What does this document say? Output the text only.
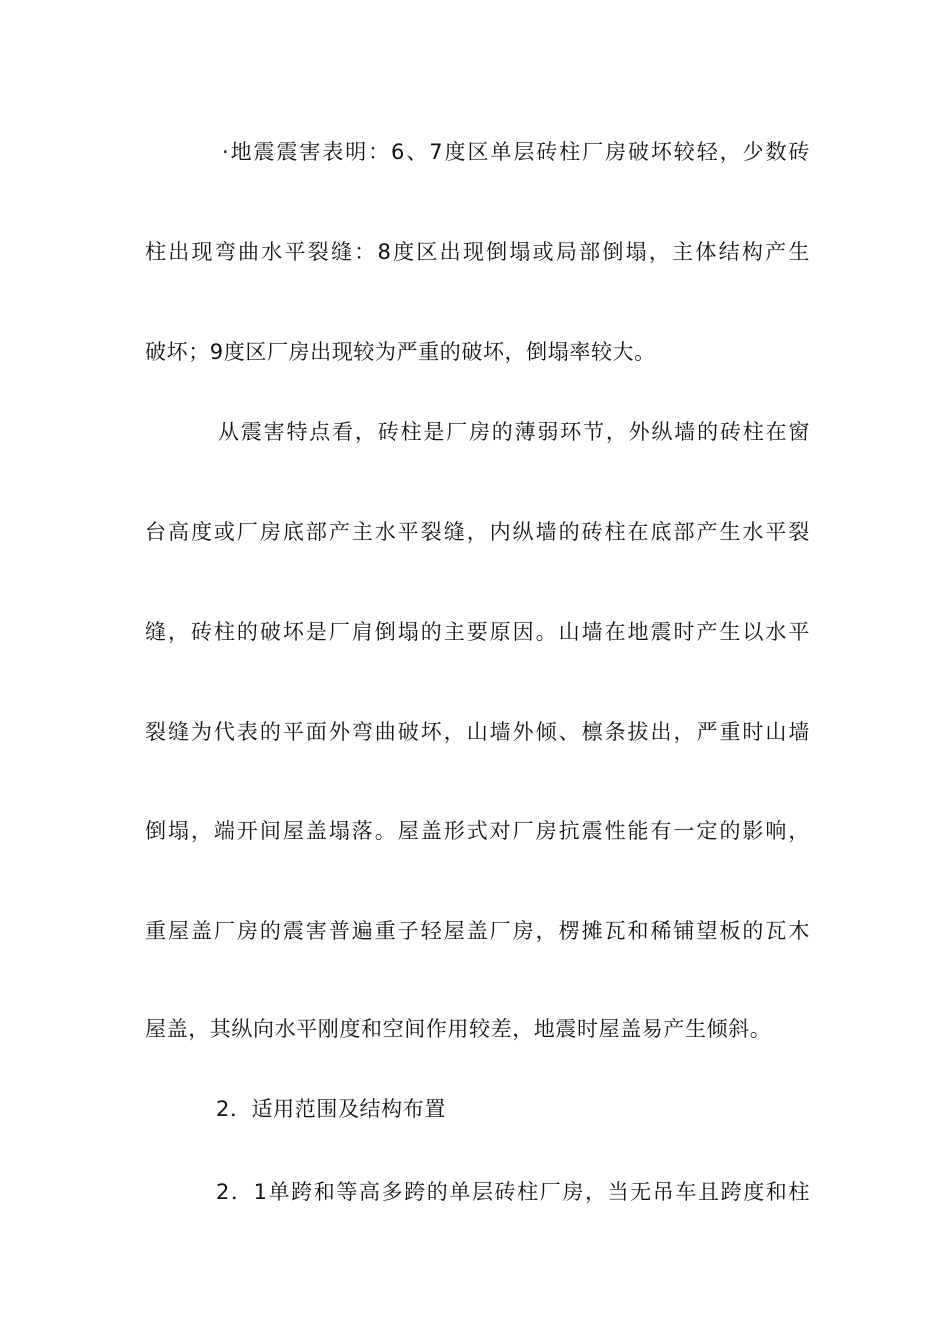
·地震震害表明：6、7度区单层砖柱厂房破坏较轻，少数砖
柱出现弯曲水平裂缝：8度区出现倒塌或局部倒塌，主体结构产生
破坏；9度区厂房出现较为严重的破坏，倒塌率较大。
从震害特点看，砖柱是厂房的薄弱环节，外纵墙的砖柱在窗
台高度或厂房底部产主水平裂缝，内纵墙的砖柱在底部产生水平裂
缝，砖柱的破坏是厂肩倒塌的主要原因。山墙在地震时产生以水平
裂缝为代表的平面外弯曲破坏，山墙外倾、檩条拔出，严重时山墙
倒塌，端开间屋盖塌落。屋盖形式对厂房抗震性能有一定的影响，
重屋盖厂房的震害普遍重子轻屋盖厂房，楞摊瓦和稀铺望板的瓦木
屋盖，其纵向水平刚度和空间作用较差，地震时屋盖易产生倾斜。
2．适用范围及结构布置
2．1单跨和等高多跨的单层砖柱厂房，当无吊车且跨度和柱
